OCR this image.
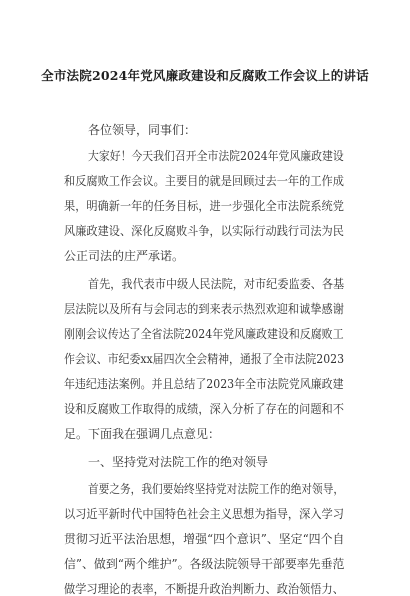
全市法院2024年党风廉政建设和反腐败工作会议上的讲话
各位领导，同事们：
大家好！今天我们召开全市法院2024年党风廉政建设
和反腐败工作会议。主要目的就是回顾过去一年的工作成
果，明确新一年的任务目标，进一步强化全市法院系统党
风廉政建设、深化反腐败斗争，以实际行动践行司法为民
公正司法的庄严承诺。
首先，我代表市中级人民法院，对市纪委监委、各基
层法院以及所有与会同志的到来表示热烈欢迎和诚挚感谢
刚刚会议传达了全省法院2024年党风廉政建设和反腐败工
作会议、市纪委xx届四次全会精神，通报了全市法院2023
年违纪违法案例。并且总结了2023年全市法院党风廉政建
设和反腐败工作取得的成绩，深入分析了存在的问题和不
足。下面我在强调几点意见：
一、坚持党对法院工作的绝对领导
首要之务，我们要始终坚持党对法院工作的绝对领导，
以习近平新时代中国特色社会主义思想为指导，深入学习
贯彻习近平法治思想，增强“四个意识”、坚定“四个自
信”、做到“两个维护”。各级法院领导干部要率先垂范
做学习理论的表率，不断提升政治判断力、政治领悟力、
